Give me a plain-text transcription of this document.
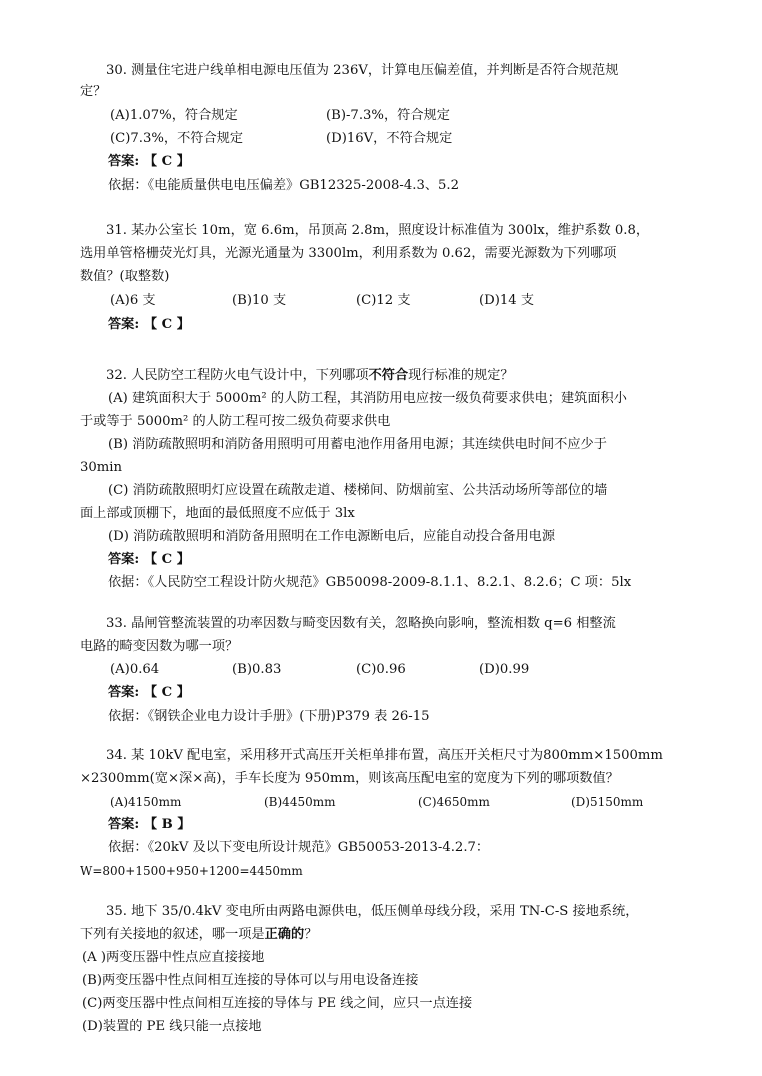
30. 测量住宅进户线单相电源电压值为 236V，计算电压偏差值，并判断是否符合规范规
定？
(A)1.07%，符合规定	(B)-7.3%，符合规定
(C)7.3%，不符合规定	(D)16V，不符合规定
答案: 【 C 】
依据：《电能质量供电电压偏差》GB12325-2008-4.3、5.2
31. 某办公室长 10m，宽 6.6m，吊顶高 2.8m，照度设计标准值为 300lx，维护系数 0.8，
选用单管格栅荧光灯具，光源光通量为 3300lm，利用系数为 0.62，需要光源数为下列哪项
数值？(取整数)
(A)6 支	(B)10 支	(C)12 支	(D)14 支
答案: 【 C 】
32. 人民防空工程防火电气设计中，下列哪项不符合现行标准的规定？
(A) 建筑面积大于 5000m² 的人防工程，其消防用电应按一级负荷要求供电；建筑面积小
于或等于 5000m² 的人防工程可按二级负荷要求供电
(B) 消防疏散照明和消防备用照明可用蓄电池作用备用电源；其连续供电时间不应少于
30min
(C) 消防疏散照明灯应设置在疏散走道、楼梯间、防烟前室、公共活动场所等部位的墙
面上部或顶棚下，地面的最低照度不应低于 3lx
(D) 消防疏散照明和消防备用照明在工作电源断电后，应能自动投合备用电源
答案: 【 C 】
依据：《人民防空工程设计防火规范》GB50098-2009-8.1.1、8.2.1、8.2.6；C 项：5lx
33. 晶闸管整流装置的功率因数与畸变因数有关，忽略换向影响，整流相数 q=6 相整流
电路的畸变因数为哪一项？
(A)0.64	(B)0.83	(C)0.96	(D)0.99
答案: 【 C 】
依据：《钢铁企业电力设计手册》(下册)P379 表 26-15
34. 某 10kV 配电室，采用移开式高压开关柜单排布置，高压开关柜尺寸为800mm×1500mm
×2300mm(宽×深×高)，手车长度为 950mm，则该高压配电室的宽度为下列的哪项数值？
(A)4150mm	(B)4450mm	(C)4650mm	(D)5150mm
答案: 【 B 】
依据：《20kV 及以下变电所设计规范》GB50053-2013-4.2.7：
W=800+1500+950+1200=4450mm
35. 地下 35/0.4kV 变电所由两路电源供电，低压侧单母线分段，采用 TN-C-S 接地系统，
下列有关接地的叙述，哪一项是正确的？
(A )两变压器中性点应直接接地
(B)两变压器中性点间相互连接的导体可以与用电设备连接
(C)两变压器中性点间相互连接的导体与 PE 线之间，应只一点连接
(D)装置的 PE 线只能一点接地
